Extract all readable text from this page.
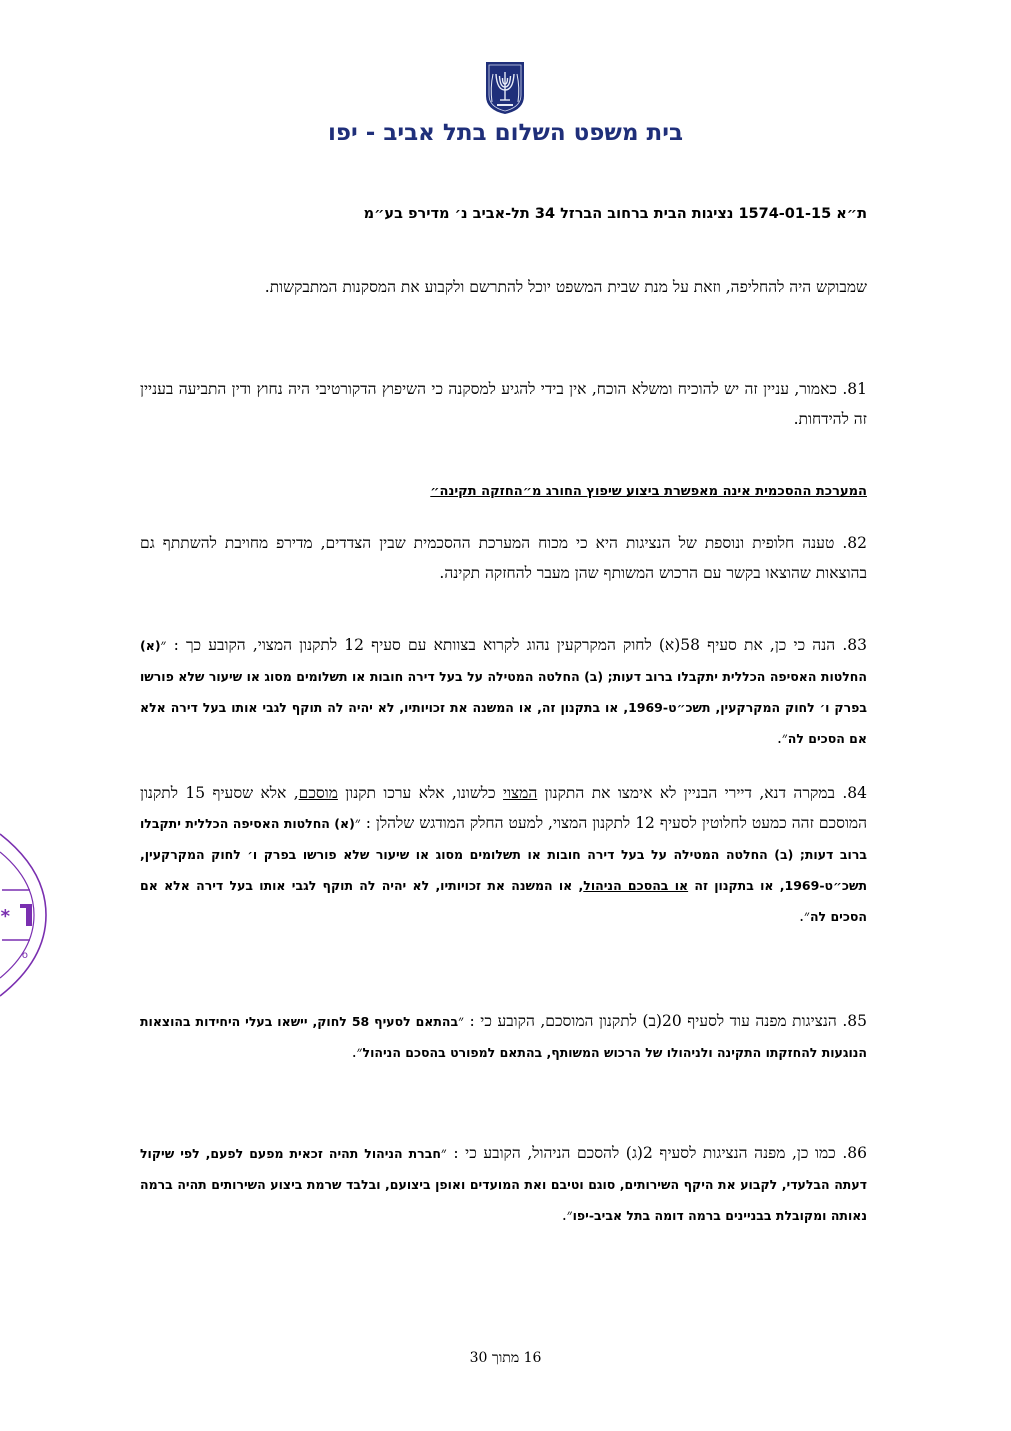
בית משפט השלום בתל אביב - יפו

ת״א 1574-01-15 נציגות הבית ברחוב הברזל 34 תל-אביב נ׳ מדירפ בע״מ

שמבוקש היה להחליפה, וזאת על מנת שבית המשפט יוכל להתרשם ולקבוע את המסקנות המתבקשות.

81. כאמור, עניין זה יש להוכיח ומשלא הוכח, אין בידי להגיע למסקנה כי השיפוץ הדקורטיבי היה נחוץ ודין התביעה בעניין זה להידחות.

המערכת ההסכמית אינה מאפשרת ביצוע שיפוץ החורג מ״החזקה תקינה״

82. טענה חלופית ונוספת של הנציגות היא כי מכוח המערכת ההסכמית שבין הצדדים, מדירפ מחויבת להשתתף גם בהוצאות שהוצאו בקשר עם הרכוש המשותף שהן מעבר להחזקה תקינה.

83. הנה כי כן, את סעיף 58(א) לחוק המקרקעין נהוג לקרוא בצוותא עם סעיף 12 לתקנון המצוי, הקובע כך : ״(א) החלטות האסיפה הכללית יתקבלו ברוב דעות; (ב) החלטה המטילה על בעל דירה חובות או תשלומים מסוג או שיעור שלא פורשו בפרק ו׳ לחוק המקרקעין, תשכ״ט-1969, או בתקנון זה, או המשנה את זכויותיו, לא יהיה לה תוקף לגבי אותו בעל דירה אלא אם הסכים לה״.

84. במקרה דנא, דיירי הבניין לא אימצו את התקנון המצוי כלשונו, אלא ערכו תקנון מוסכם, אלא שסעיף 15 לתקנון המוסכם זהה כמעט לחלוטין לסעיף 12 לתקנון המצוי, למעט החלק המודגש שלהלן : ״(א) החלטות האסיפה הכללית יתקבלו ברוב דעות; (ב) החלטה המטילה על בעל דירה חובות או תשלומים מסוג או שיעור שלא פורשו בפרק ו׳ לחוק המקרקעין, תשכ״ט-1969, או בתקנון זה או בהסכם הניהול, או המשנה את זכויותיו, לא יהיה לה תוקף לגבי אותו בעל דירה אלא אם הסכים לה״.

85. הנציגות מפנה עוד לסעיף 20(ב) לתקנון המוסכם, הקובע כי : ״בהתאם לסעיף 58 לחוק, יישאו בעלי היחידות בהוצאות הנוגעות להחזקתו התקינה ולניהולו של הרכוש המשותף, בהתאם למפורט בהסכם הניהול״.

86. כמו כן, מפנה הנציגות לסעיף 2(ג) להסכם הניהול, הקובע כי : ״חברת הניהול תהיה זכאית מפעם לפעם, לפי שיקול דעתה הבלעדי, לקבוע את היקף השירותים, סוגם וטיבם ואת המועדים ואופן ביצועם, ובלבד שרמת ביצוע השירותים תהיה ברמה נאותה ומקובלת בבניינים ברמה דומה בתל אביב-יפו״.

*
o

16 מתוך 30
